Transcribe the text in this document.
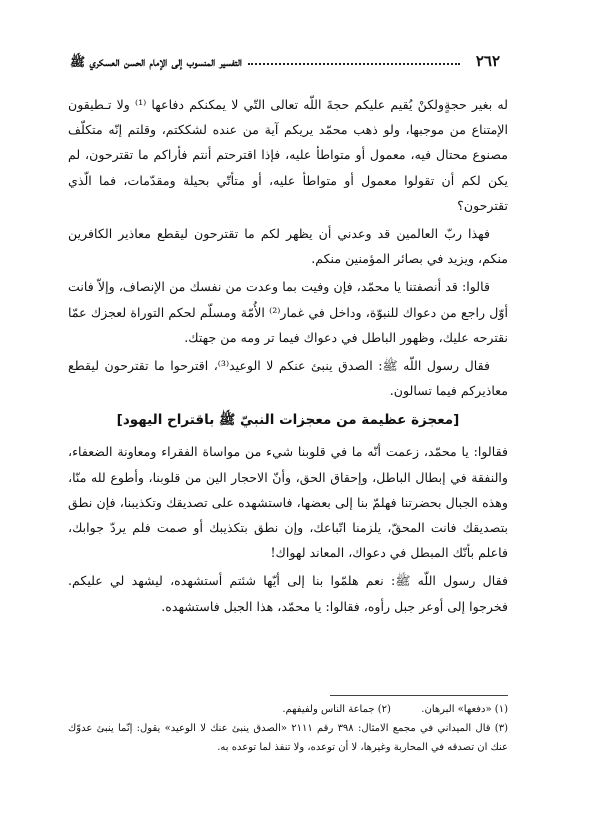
٢٦٢
التفسير المنسوب إلى الإمام الحسن العسكري ﷺ

له بغير حجةٍولكنْ يُقيم عليكم حجةَ اللّه تعالى التّي لا يمكنكم دفاعها ⁽¹⁾ ولا تـطيقون الإمتناع من موجبها، ولو ذهب محمّد يريكم آية من عنده لشككتم، وقلتم إنّه متكلّف مصنوع محتال فيه، معمول أو متواطأ عليه، فإذا اقترحتم أنتم فأراكم ما تقترحون، لم يكن لكم أن تقولوا معمول أو متواطأ عليه، أو متأتّي بحيلة ومقدّمات، فما الّذي تقترحون؟

فهذا ربّ العالمين قد وعدني أن يظهر لكم ما تقترحون ليقطع معاذير الكافرين منكم، ويزيد في بصائر المؤمنين منكم.

قالوا: قد أنصفتنا يا محمّد، فإن وفيت بما وعدت من نفسك من الإنصاف، وإلاّ فانت أوّل راجع من دعواك للنبوّة، وداخل في غمار⁽²⁾ الأُمّة ومسلّم لحكم التوراة لعجزك عمّا نقترحه عليك، وظهور الباطل في دعواك فيما تر ومه من جهتك.

فقال رسول اللّه ﷺ: الصدق ينبئ عنكم لا الوعيد⁽³⁾، اقترحوا ما تقترحون ليقطع معاذيركم فيما تسالون.

[معجزة عظيمة من معجزات النبيّ ﷺ باقتراح اليهود]

فقالوا: يا محمّد، زعمت أنّه ما في قلوبنا شيء من مواساة الفقراء ومعاونة الضعفاء، والنفقة في إبطال الباطل، وإحقاق الحق، وأنّ الاحجار الين من قلوبنا، وأطوع لله منّا، وهذه الجبال بحضرتنا فهلمّ بنا إلى بعضها، فاستشهده على تصديقك وتكذيبنا، فإن نطق بتصديقك فانت المحقّ، يلزمنا اتّباعك، وإن نطق بتكذيبك أو صمت فلم يردّ جوابك، فاعلم بأنّك المبطل في دعواك، المعاند لهواك!

فقال رسول اللّه ﷺ: نعم هلمّوا بنا إلى أيّها شئتم أستشهده، ليشهد لي عليكم. فخرجوا إلى أوعر جبل رأوه، فقالوا: يا محمّد، هذا الجبل فاستشهده.

(١) «دفعها» البرهان.  (٢) جماعة الناس ولفيفهم.
(٣) قال الميداني في مجمع الامثال: ٣٩٨ رقم ٢١١١ «الصدق ينبئ عنك لا الوعيد» يقول: إنّما ينبئ عدوّك عنك ان تصدقه في المحاربة وغيرها، لا أن توعده، ولا تنفذ لما توعده به.
